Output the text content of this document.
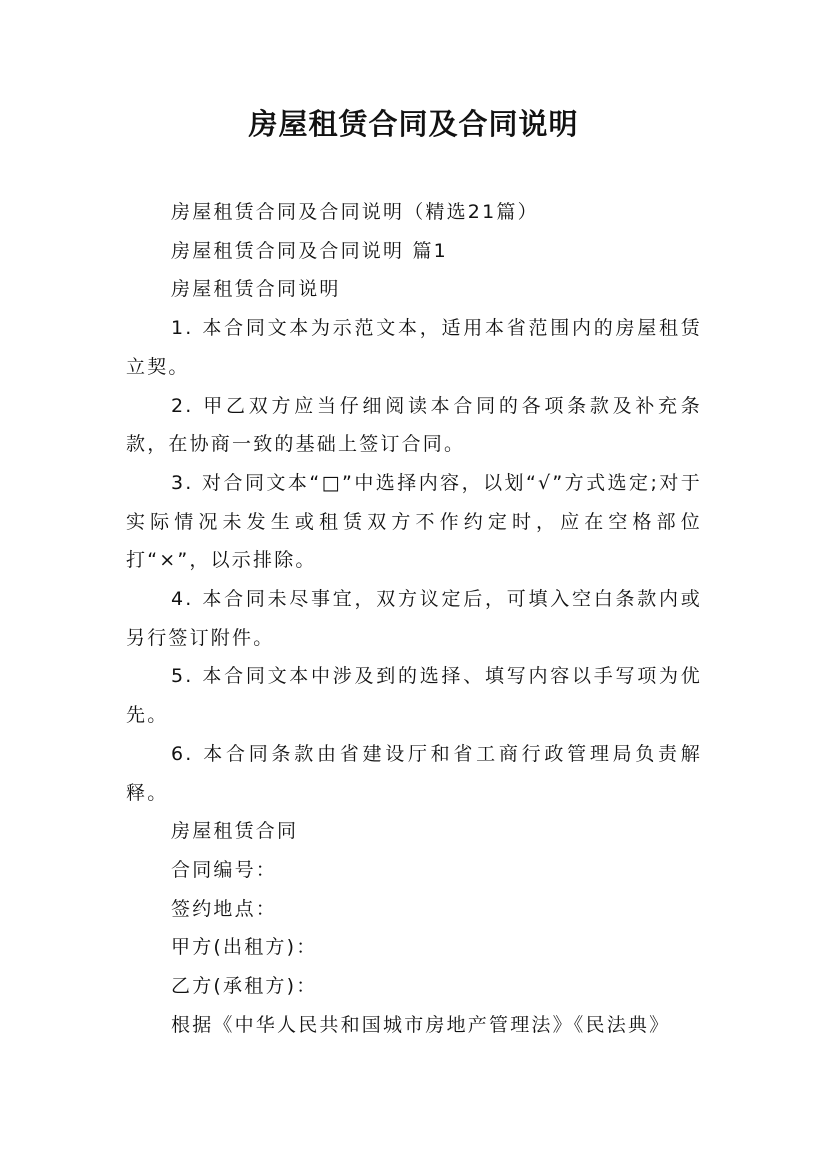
房屋租赁合同及合同说明

房屋租赁合同及合同说明（精选21篇）

房屋租赁合同及合同说明 篇1

房屋租赁合同说明

1. 本合同文本为示范文本，适用本省范围内的房屋租赁立契。

2. 甲乙双方应当仔细阅读本合同的各项条款及补充条款，在协商一致的基础上签订合同。

3. 对合同文本“□”中选择内容，以划“√”方式选定;对于实际情况未发生或租赁双方不作约定时，应在空格部位打“×”，以示排除。

4. 本合同未尽事宜，双方议定后，可填入空白条款内或另行签订附件。

5. 本合同文本中涉及到的选择、填写内容以手写项为优先。

6. 本合同条款由省建设厅和省工商行政管理局负责解释。

房屋租赁合同

合同编号：

签约地点：

甲方(出租方)：

乙方(承租方)：

根据《中华人民共和国城市房地产管理法》《民法典》
